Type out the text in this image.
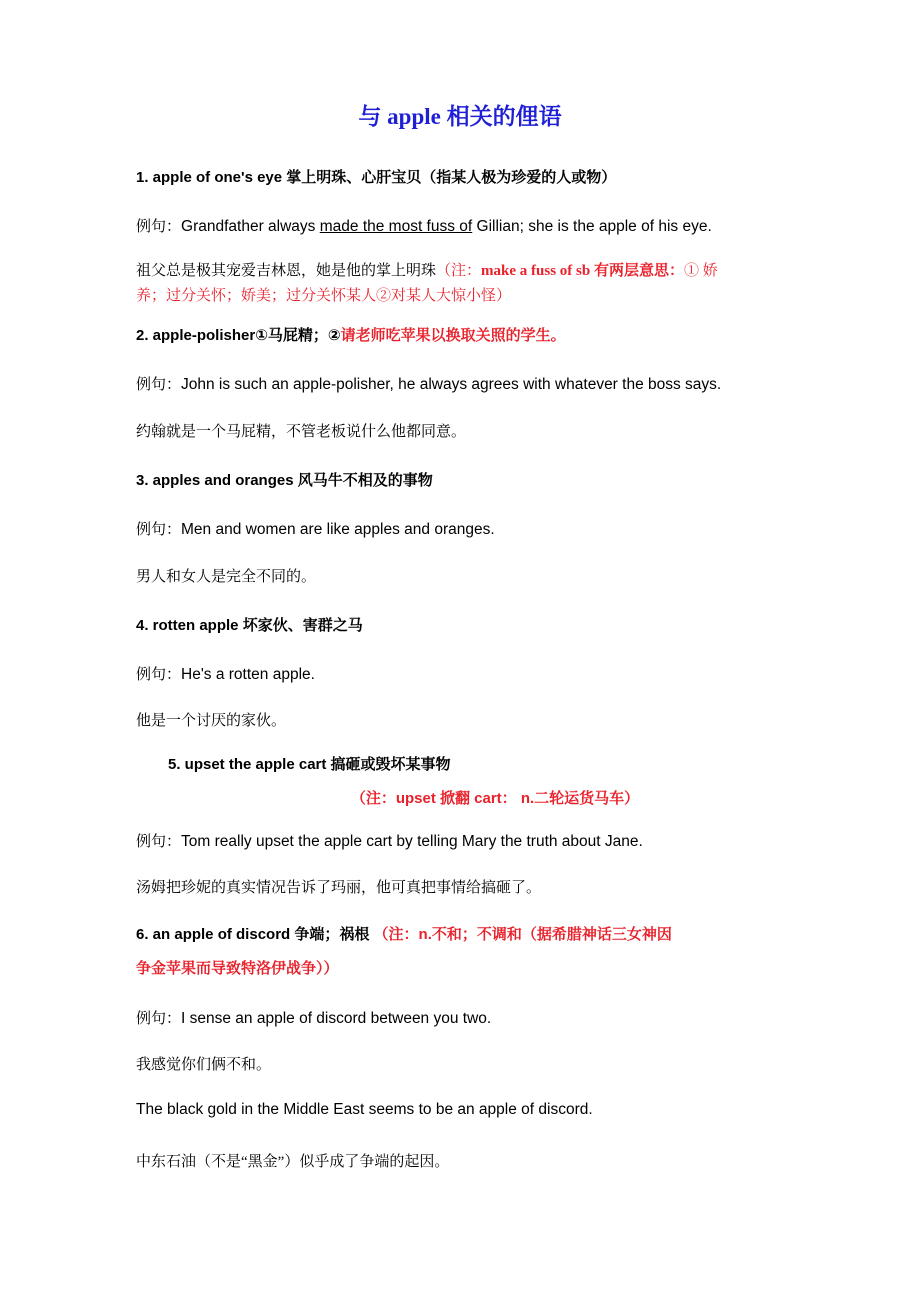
与 apple 相关的俚语
1. apple of one's eye 掌上明珠、心肝宝贝（指某人极为珍爱的人或物）
例句：Grandfather always made the most fuss of Gillian; she is the apple of his eye.
祖父总是极其宠爱吉林恩，她是他的掌上明珠（注：make a fuss of sb 有两层意思：① 娇
养；过分关怀；娇美；过分关怀某人②对某人大惊小怪）
2. apple-polisher①马屁精；②请老师吃苹果以换取关照的学生。
例句：John is such an apple-polisher, he always agrees with whatever the boss says.
约翰就是一个马屁精，不管老板说什么他都同意。
3. apples and oranges 风马牛不相及的事物
例句：Men and women are like apples and oranges.
男人和女人是完全不同的。
4. rotten apple 坏家伙、害群之马
例句：He's a rotten apple.
他是一个讨厌的家伙。
5. upset the apple cart 搞砸或毁坏某事物
（注：upset 掀翻 cart： n.二轮运货马车）
例句：Tom really upset the apple cart by telling Mary the truth about Jane.
汤姆把珍妮的真实情况告诉了玛丽，他可真把事情给搞砸了。
6. an apple of discord 争端；祸根 （注：n.不和；不调和（据希腊神话三女神因
争金苹果而导致特洛伊战争））
例句：I sense an apple of discord between you two.
我感觉你们俩不和。
The black gold in the Middle East seems to be an apple of discord.
中东石油（不是“黑金”）似乎成了争端的起因。
